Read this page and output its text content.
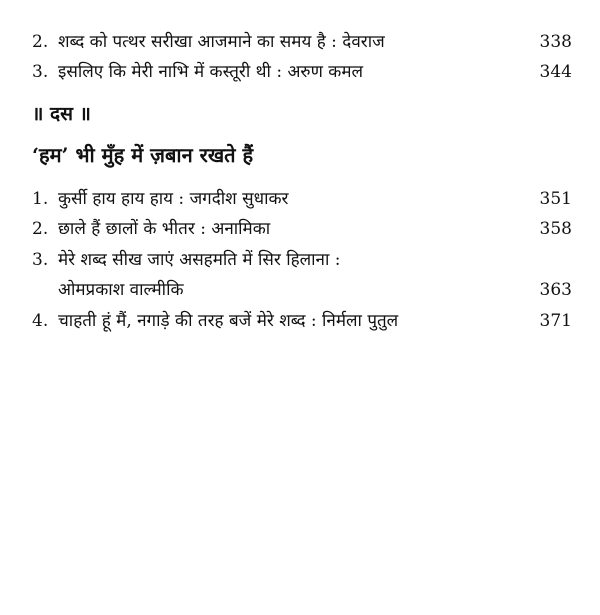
2. शब्द को पत्थर सरीखा आजमाने का समय है : देवराज	338
3. इसलिए कि मेरी नाभि में कस्तूरी थी : अरुण कमल	344
॥ दस ॥
‘हम’ भी मुँह में ज़बान रखते हैं
1. कुर्सी हाय हाय हाय : जगदीश सुधाकर	351
2. छाले हैं छालों के भीतर : अनामिका	358
3. मेरे शब्द सीख जाएं असहमति में सिर हिलाना :
ओमप्रकाश वाल्मीकि	363
4. चाहती हूं मैं, नगाड़े की तरह बजें मेरे शब्द : निर्मला पुतुल	371
